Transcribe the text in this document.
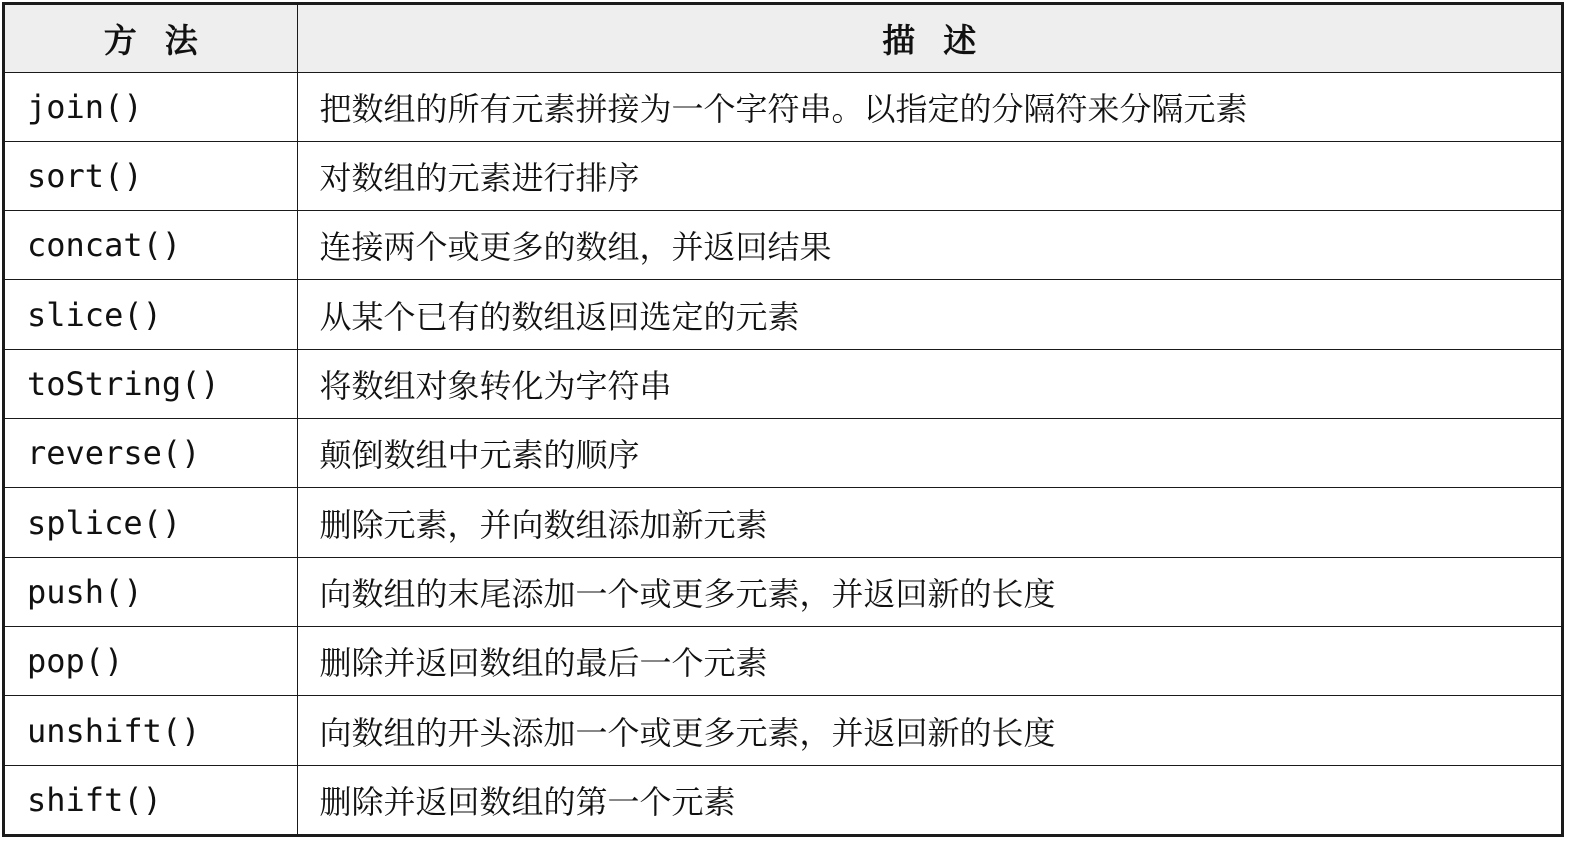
方法	描述
join()	把数组的所有元素拼接为一个字符串。以指定的分隔符来分隔元素
sort()	对数组的元素进行排序
concat()	连接两个或更多的数组，并返回结果
slice()	从某个已有的数组返回选定的元素
toString()	将数组对象转化为字符串
reverse()	颠倒数组中元素的顺序
splice()	删除元素，并向数组添加新元素
push()	向数组的末尾添加一个或更多元素，并返回新的长度
pop()	删除并返回数组的最后一个元素
unshift()	向数组的开头添加一个或更多元素，并返回新的长度
shift()	删除并返回数组的第一个元素
